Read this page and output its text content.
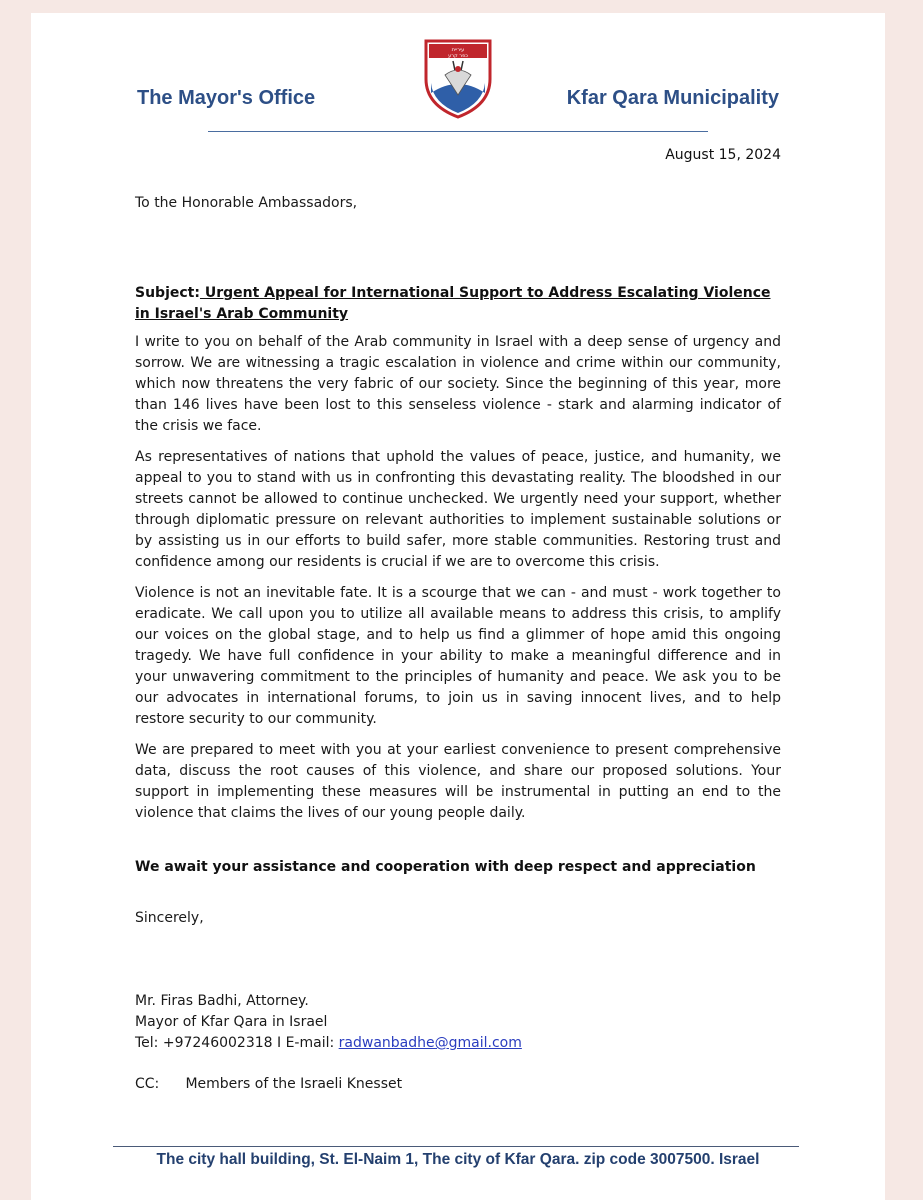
The Mayor's Office
עיריית
כפר קרע
Kfar Qara Municipality
August 15, 2024
To the Honorable Ambassadors,
Subject: Urgent Appeal for International Support to Address Escalating Violence in Israel's Arab Community

I write to you on behalf of the Arab community in Israel with a deep sense of urgency and sorrow. We are witnessing a tragic escalation in violence and crime within our community, which now threatens the very fabric of our society. Since the beginning of this year, more than 146 lives have been lost to this senseless violence - stark and alarming indicator of the crisis we face.

As representatives of nations that uphold the values of peace, justice, and humanity, we appeal to you to stand with us in confronting this devastating reality. The bloodshed in our streets cannot be allowed to continue unchecked. We urgently need your support, whether through diplomatic pressure on relevant authorities to implement sustainable solutions or by assisting us in our efforts to build safer, more stable communities. Restoring trust and confidence among our residents is crucial if we are to overcome this crisis.

Violence is not an inevitable fate. It is a scourge that we can - and must - work together to eradicate. We call upon you to utilize all available means to address this crisis, to amplify our voices on the global stage, and to help us find a glimmer of hope amid this ongoing tragedy. We have full confidence in your ability to make a meaningful difference and in your unwavering commitment to the principles of humanity and peace. We ask you to be our advocates in international forums, to join us in saving innocent lives, and to help restore security to our community.

We are prepared to meet with you at your earliest convenience to present comprehensive data, discuss the root causes of this violence, and share our proposed solutions. Your support in implementing these measures will be instrumental in putting an end to the violence that claims the lives of our young people daily.

We await your assistance and cooperation with deep respect and appreciation
Sincerely,
Mr. Firas Badhi, Attorney.
Mayor of Kfar Qara in Israel
Tel: +97246002318 I E-mail: radwanbadhe@gmail.com
CC: Members of the Israeli Knesset
The city hall building, St. El-Naim 1, The city of Kfar Qara. zip code 3007500. Israel
